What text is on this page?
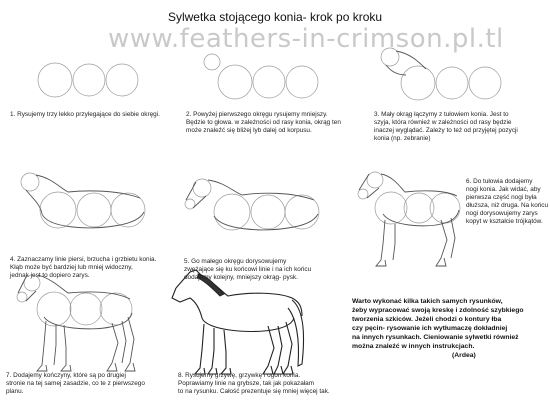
Sylwetka stojącego konia- krok po kroku
www.feathers-in-crimson.pl.tl
1. Rysujemy trzy lekko przylegające do siebie okręgi.	2. Powyżej pierwszego okręgu rysujemy mniejszy.
Będzie to głowa. w zależności od rasy konia, okrąg ten
może znaleźć się bliżej lyb dalej od korpusu.
3. Mały okrąg łączymy z tułowiem konia. Jest to
szyja, która również w zależności od rasy będzie
inaczej wyglądać. Zależy to też od przyjętej pozycji
konia (np. zebranie)
4. Zaznaczamy linie piersi, brzucha i grzbietu konia.
Kłąb może być bardziej lub mniej widoczny,
jednak jest to dopiero zarys.
5. Go małego okręgu dorysowujemy
zwężające się ku końcowi linie i na ich końcu
dodajemy kolejny, mniejszy okrąg- pysk.
6. Do tułowia dodajemy
nogi konia. Jak widać, aby
pierwsza część nogi była
dłuższa, niż druga. Na końcu
nogi dorysowujemy zarys
kopyt w kształcie trójkątów.
7. Dodajemy kończyny, które są po drugiej
stronie na tej samej zasadzie, co te z pierwszego
planu.
8. Rysujemy grzywę, grzywkę i ogon konia.
Poprawiamy linie na grybsze, tak jak pokazałam
to na rysunku. Całość prezentuje się mniej więcej tak.
Warto wykonać kilka takich samych rysunków,
żeby wypracować swoją kreskę i zdolność szybkiego
tworzenia szkiców. Jeżeli chodzi o kontury łba
czy pęcin- rysowanie ich wytłumaczę dokładniej
na innych rysunkach. Cieniowanie sylwetki również
można znaleźć w innych instrukcjach.
(Ardea)
